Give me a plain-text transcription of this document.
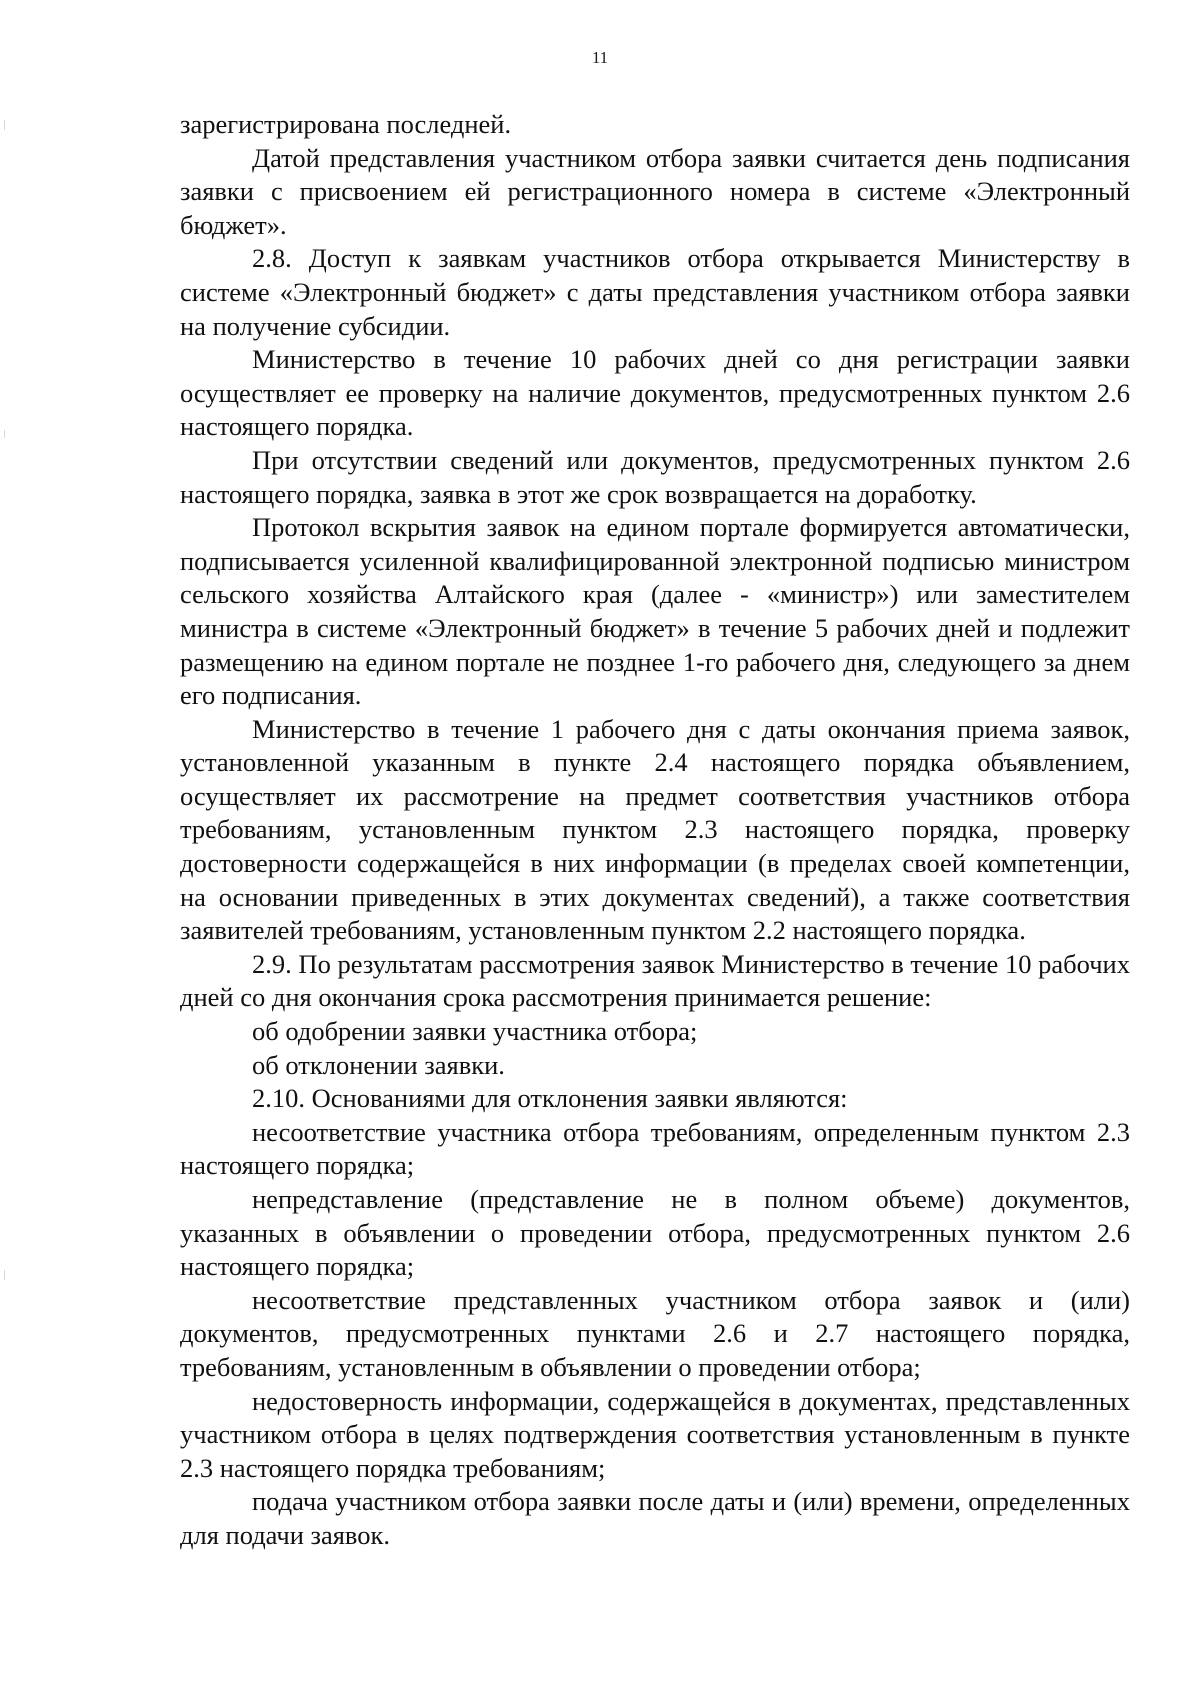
11

зарегистрирована последней.

Датой представления участником отбора заявки считается день подписания заявки с присвоением ей регистрационного номера в системе «Электронный бюджет».

2.8. Доступ к заявкам участников отбора открывается Министерству в системе «Электронный бюджет» с даты представления участником отбора заявки на получение субсидии.

Министерство в течение 10 рабочих дней со дня регистрации заявки осуществляет ее проверку на наличие документов, предусмотренных пунктом 2.6 настоящего порядка.

При отсутствии сведений или документов, предусмотренных пунктом 2.6 настоящего порядка, заявка в этот же срок возвращается на доработку.

Протокол вскрытия заявок на едином портале формируется автоматически, подписывается усиленной квалифицированной электронной подписью министром сельского хозяйства Алтайского края (далее - «министр») или заместителем министра в системе «Электронный бюджет» в течение 5 рабочих дней и подлежит размещению на едином портале не позднее 1-го рабочего дня, следующего за днем его подписания.

Министерство в течение 1 рабочего дня с даты окончания приема заявок, установленной указанным в пункте 2.4 настоящего порядка объявлением, осуществляет их рассмотрение на предмет соответствия участников отбора требованиям, установленным пунктом 2.3 настоящего порядка, проверку достоверности содержащейся в них информации (в пределах своей компетенции, на основании приведенных в этих документах сведений), а также соответствия заявителей требованиям, установленным пунктом 2.2 настоящего порядка.

2.9. По результатам рассмотрения заявок Министерство в течение 10 рабочих дней со дня окончания срока рассмотрения принимается решение:

об одобрении заявки участника отбора;

об отклонении заявки.

2.10. Основаниями для отклонения заявки являются:

несоответствие участника отбора требованиям, определенным пунктом 2.3 настоящего порядка;

непредставление (представление не в полном объеме) документов, указанных в объявлении о проведении отбора, предусмотренных пунктом 2.6 настоящего порядка;

несоответствие представленных участником отбора заявок и (или) документов, предусмотренных пунктами 2.6 и 2.7 настоящего порядка, требованиям, установленным в объявлении о проведении отбора;

недостоверность информации, содержащейся в документах, представленных участником отбора в целях подтверждения соответствия установленным в пункте 2.3 настоящего порядка требованиям;

подача участником отбора заявки после даты и (или) времени, определенных для подачи заявок.
